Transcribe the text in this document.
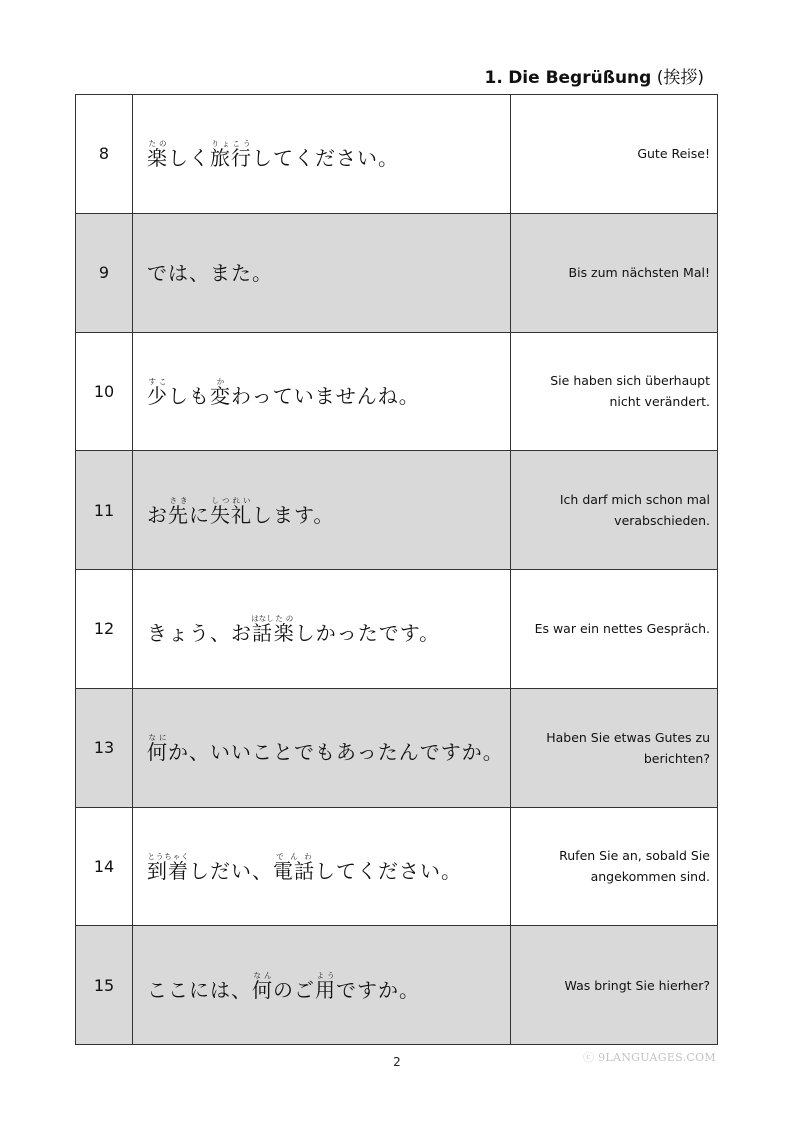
1. Die Begrüßung (挨拶)
8	楽たのしく旅行りょこうしてください。	Gute Reise!
9	では、また。	Bis zum nächsten Mal!
10	少すこしも変かわっていませんね。	Sie haben sich überhaupt nicht verändert.
11	お先さきに失礼しつれいします。	Ich darf mich schon mal verabschieden.
12	きょう、お話はなし楽たのしかったです。	Es war ein nettes Gespräch.
13	何なにか、いいことでもあったんですか。	Haben Sie etwas Gutes zu berichten?
14	到着とうちゃくしだい、電話でんわしてください。	Rufen Sie an, sobald Sie angekommen sind.
15	ここには、何なんのご用ようですか。	Was bringt Sie hierher?
2	ⓒ 9LANGUAGES.COM
